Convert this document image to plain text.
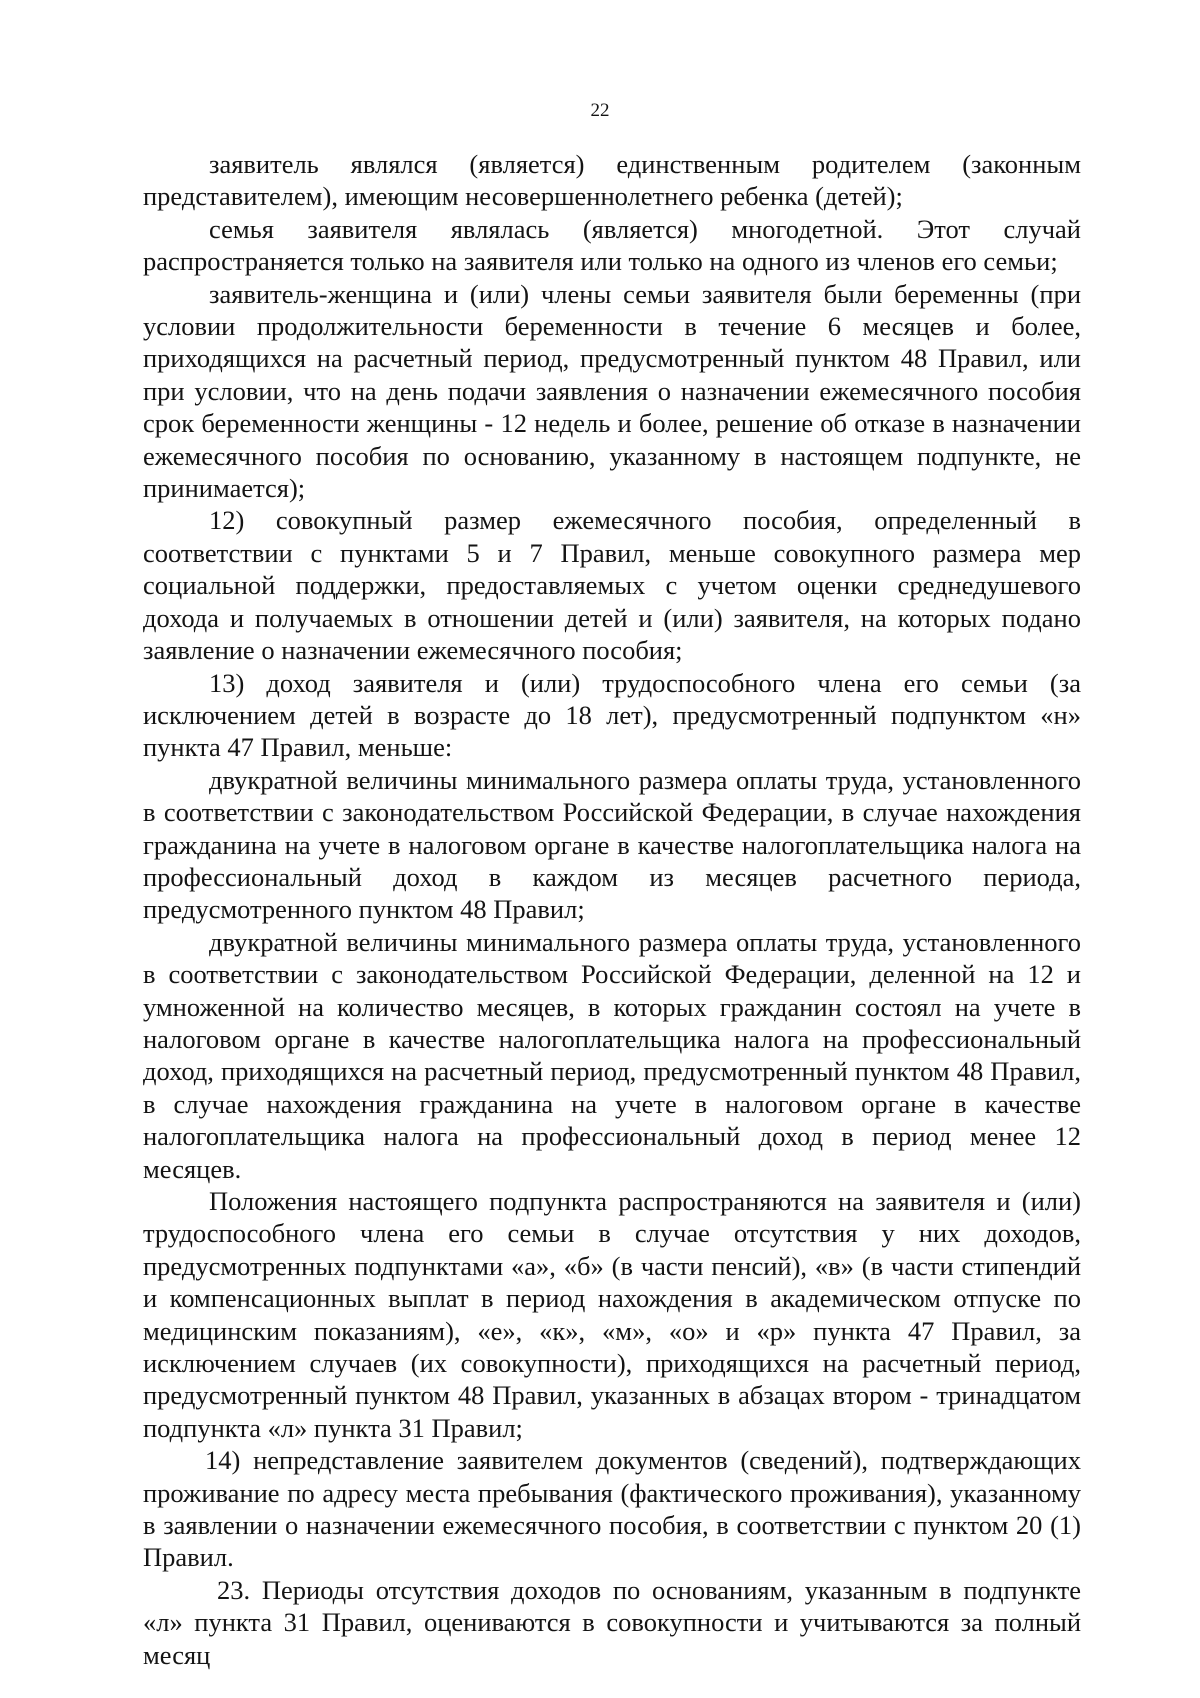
22

заявитель являлся (является) единственным родителем (законным представителем), имеющим несовершеннолетнего ребенка (детей);

семья заявителя являлась (является) многодетной. Этот случай распространяется только на заявителя или только на одного из членов его семьи;

заявитель-женщина и (или) члены семьи заявителя были беременны (при условии продолжительности беременности в течение 6 месяцев и более, приходящихся на расчетный период, предусмотренный пунктом 48 Правил, или при условии, что на день подачи заявления о назначении ежемесячного пособия срок беременности женщины - 12 недель и более, решение об отказе в назначении ежемесячного пособия по основанию, указанному в настоящем подпункте, не принимается);

12) совокупный размер ежемесячного пособия, определенный в соответствии с пунктами 5 и 7 Правил, меньше совокупного размера мер социальной поддержки, предоставляемых с учетом оценки среднедушевого дохода и получаемых в отношении детей и (или) заявителя, на которых подано заявление о назначении ежемесячного пособия;

13) доход заявителя и (или) трудоспособного члена его семьи (за исключением детей в возрасте до 18 лет), предусмотренный подпунктом «н» пункта 47 Правил, меньше:

двукратной величины минимального размера оплаты труда, установленного в соответствии с законодательством Российской Федерации, в случае нахождения гражданина на учете в налоговом органе в качестве налогоплательщика налога на профессиональный доход в каждом из месяцев расчетного периода, предусмотренного пунктом 48 Правил;

двукратной величины минимального размера оплаты труда, установленного в соответствии с законодательством Российской Федерации, деленной на 12 и умноженной на количество месяцев, в которых гражданин состоял на учете в налоговом органе в качестве налогоплательщика налога на профессиональный доход, приходящихся на расчетный период, предусмотренный пунктом 48 Правил, в случае нахождения гражданина на учете в налоговом органе в качестве налогоплательщика налога на профессиональный доход в период менее 12 месяцев.

Положения настоящего подпункта распространяются на заявителя и (или) трудоспособного члена его семьи в случае отсутствия у них доходов, предусмотренных подпунктами «а», «б» (в части пенсий), «в» (в части стипендий и компенсационных выплат в период нахождения в академическом отпуске по медицинским показаниям), «е», «к», «м», «о» и «р» пункта 47 Правил, за исключением случаев (их совокупности), приходящихся на расчетный период, предусмотренный пунктом 48 Правил, указанных в абзацах втором - тринадцатом подпункта «л» пункта 31 Правил;

14) непредставление заявителем документов (сведений), подтверждающих проживание по адресу места пребывания (фактического проживания), указанному в заявлении о назначении ежемесячного пособия, в соответствии с пунктом 20 (1) Правил.

23. Периоды отсутствия доходов по основаниям, указанным в подпункте «л» пункта 31 Правил, оцениваются в совокупности и учитываются за полный месяц
